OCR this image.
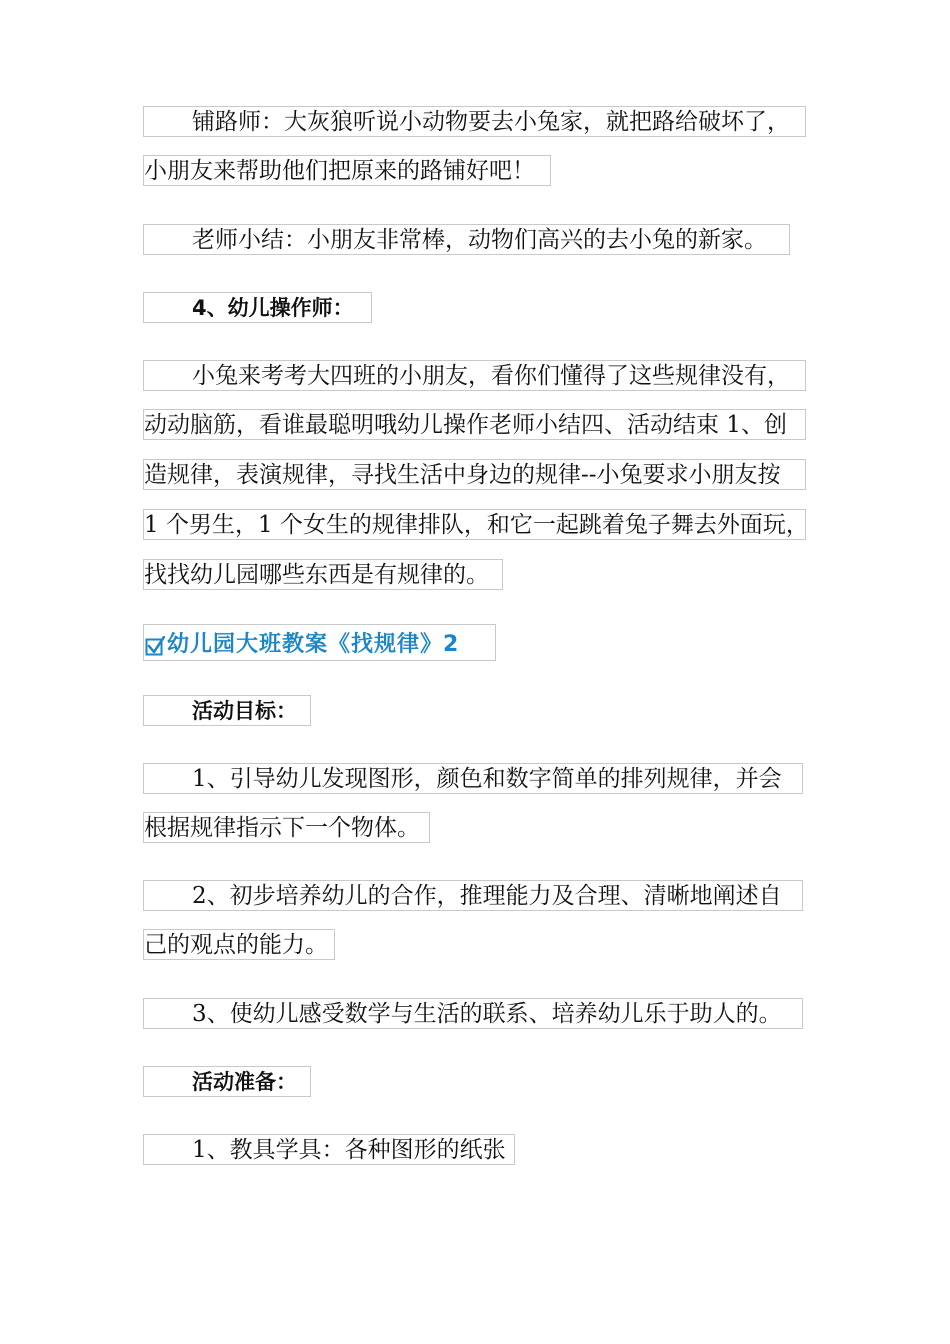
铺路师：大灰狼听说小动物要去小兔家，就把路给破坏了，
小朋友来帮助他们把原来的路铺好吧！
老师小结：小朋友非常棒，动物们高兴的去小兔的新家。
4、幼儿操作师：
小兔来考考大四班的小朋友，看你们懂得了这些规律没有，
动动脑筋，看谁最聪明哦幼儿操作老师小结四、活动结束 1、创
造规律，表演规律，寻找生活中身边的规律--小兔要求小朋友按
1 个男生，1 个女生的规律排队，和它一起跳着兔子舞去外面玩，
找找幼儿园哪些东西是有规律的。
幼儿园大班教案《找规律》2
活动目标：
1、引导幼儿发现图形，颜色和数字简单的排列规律，并会
根据规律指示下一个物体。
2、初步培养幼儿的合作，推理能力及合理、清晰地阐述自
己的观点的能力。
3、使幼儿感受数学与生活的联系、培养幼儿乐于助人的。
活动准备：
1、教具学具：各种图形的纸张
